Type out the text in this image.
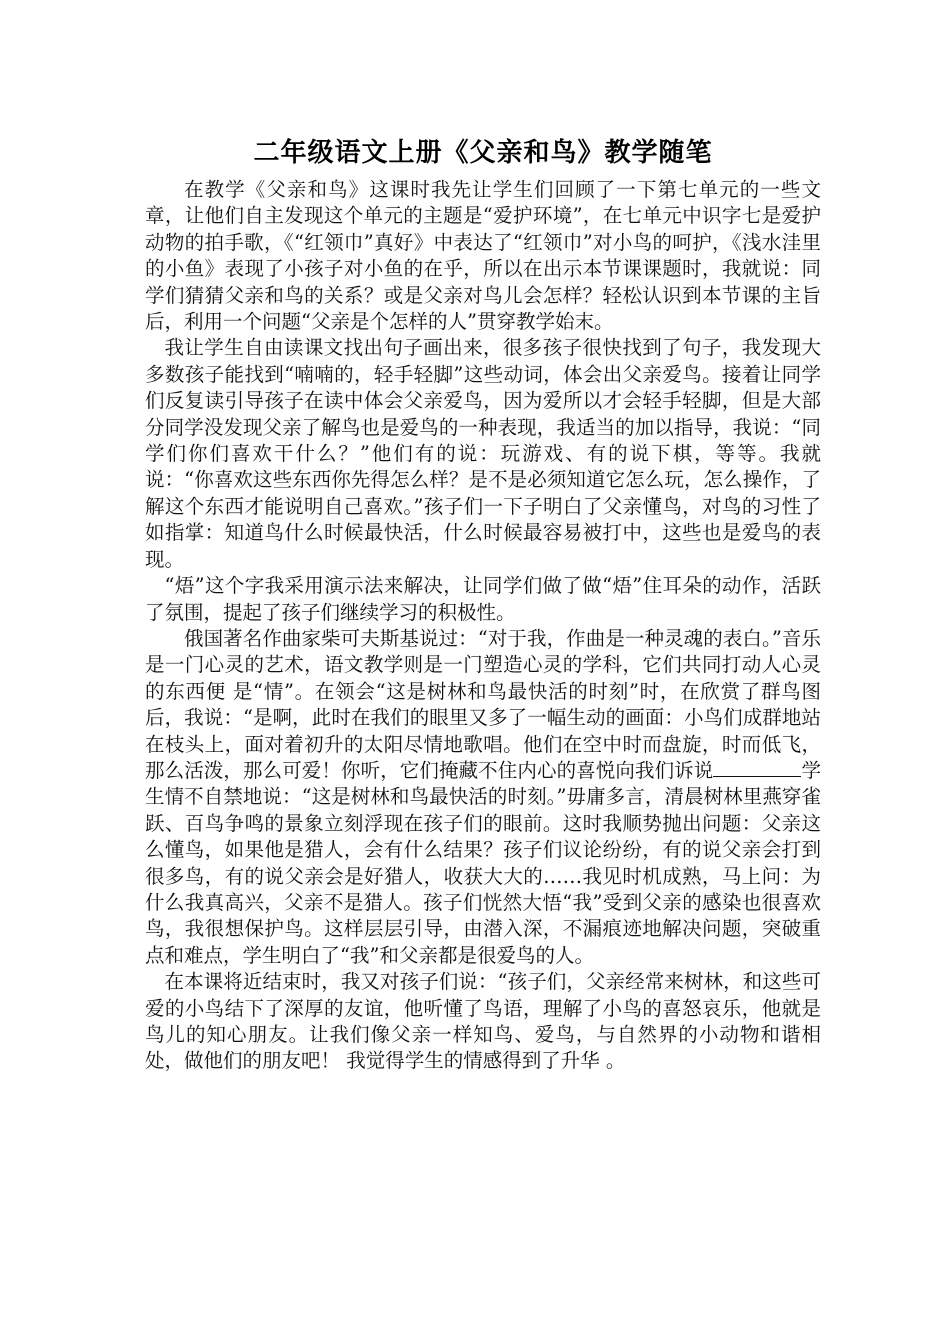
二年级语文上册《父亲和鸟》教学随笔

在教学《父亲和鸟》这课时我先让学生们回顾了一下第七单元的一些文章，让他们自主发现这个单元的主题是“爱护环境”，在七单元中识字七是爱护动物的拍手歌，《“红领巾”真好》中表达了“红领巾”对小鸟的呵护，《浅水洼里的小鱼》表现了小孩子对小鱼的在乎，所以在出示本节课课题时，我就说：同学们猜猜父亲和鸟的关系？或是父亲对鸟儿会怎样？轻松认识到本节课的主旨后，利用一个问题“父亲是个怎样的人”贯穿教学始末。

我让学生自由读课文找出句子画出来，很多孩子很快找到了句子，我发现大多数孩子能找到“喃喃的，轻手轻脚”这些动词，体会出父亲爱鸟。接着让同学们反复读引导孩子在读中体会父亲爱鸟，因为爱所以才会轻手轻脚，但是大部分同学没发现父亲了解鸟也是爱鸟的一种表现，我适当的加以指导，我说：“同学们你们喜欢干什么？”他们有的说：玩游戏、有的说下棋，等等。我就说：“你喜欢这些东西你先得怎么样？是不是必须知道它怎么玩，怎么操作，了解这个东西才能说明自己喜欢。”孩子们一下子明白了父亲懂鸟，对鸟的习性了如指掌：知道鸟什么时候最快活，什么时候最容易被打中，这些也是爱鸟的表现。

“焐”这个字我采用演示法来解决，让同学们做了做“焐”住耳朵的动作，活跃了氛围，提起了孩子们继续学习的积极性。

俄国著名作曲家柴可夫斯基说过：“对于我，作曲是一种灵魂的表白。”音乐是一门心灵的艺术，语文教学则是一门塑造心灵的学科，它们共同打动人心灵的东西便 是“情”。在领会“这是树林和鸟最快活的时刻”时，在欣赏了群鸟图后，我说：“是啊，此时在我们的眼里又多了一幅生动的画面：小鸟们成群地站在枝头上，面对着初升的太阳尽情地歌唱。他们在空中时而盘旋，时而低飞，那么活泼，那么可爱！你听，它们掩藏不住内心的喜悦向我们诉说	学生情不自禁地说：“这是树林和鸟最快活的时刻。”毋庸多言，清晨树林里燕穿雀跃、百鸟争鸣的景象立刻浮现在孩子们的眼前。这时我顺势抛出问题：父亲这么懂鸟，如果他是猎人，会有什么结果？孩子们议论纷纷，有的说父亲会打到很多鸟，有的说父亲会是好猎人，收获大大的……我见时机成熟，马上问：为什么我真高兴，父亲不是猎人。孩子们恍然大悟“我”受到父亲的感染也很喜欢鸟，我很想保护鸟。这样层层引导，由潜入深，不漏痕迹地解决问题，突破重点和难点，学生明白了“我”和父亲都是很爱鸟的人。

在本课将近结束时，我又对孩子们说：“孩子们，父亲经常来树林，和这些可爱的小鸟结下了深厚的友谊，他听懂了鸟语，理解了小鸟的喜怒哀乐，他就是鸟儿的知心朋友。让我们像父亲一样知鸟、爱鸟，与自然界的小动物和谐相处，做他们的朋友吧！ 我觉得学生的情感得到了升华 。
